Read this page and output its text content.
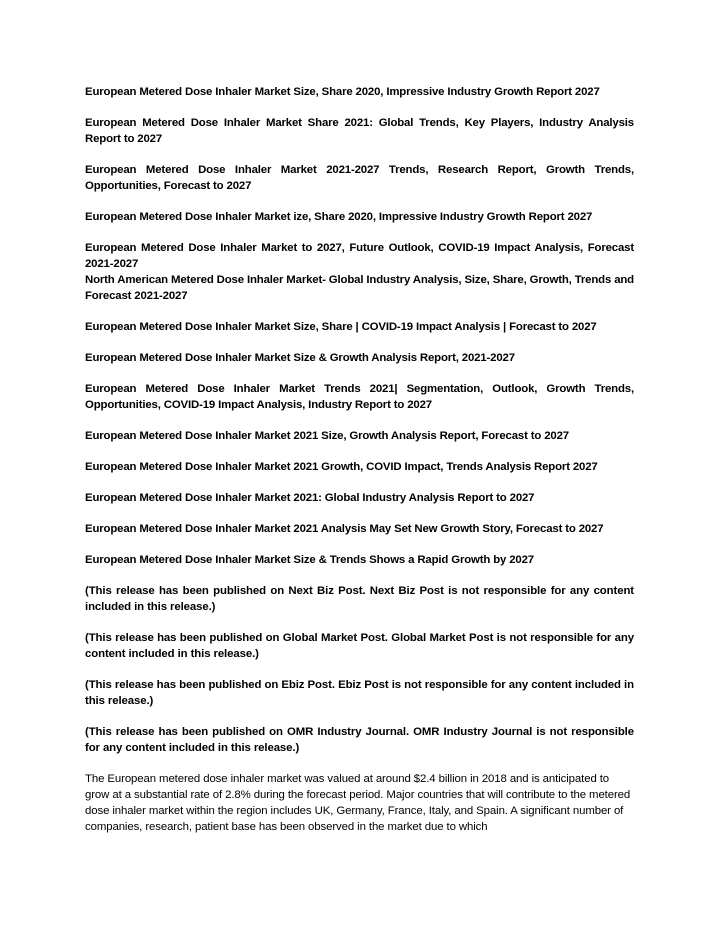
European Metered Dose Inhaler Market Size, Share 2020, Impressive Industry Growth Report 2027

European Metered Dose Inhaler Market Share 2021: Global Trends, Key Players, Industry Analysis Report to 2027

European Metered Dose Inhaler Market 2021-2027 Trends, Research Report, Growth Trends, Opportunities, Forecast to 2027

European Metered Dose Inhaler Market ize, Share 2020, Impressive Industry Growth Report 2027

European Metered Dose Inhaler Market to 2027, Future Outlook, COVID-19 Impact Analysis, Forecast 2021-2027

North American Metered Dose Inhaler Market- Global Industry Analysis, Size, Share, Growth, Trends and Forecast 2021-2027

European Metered Dose Inhaler Market Size, Share | COVID-19 Impact Analysis | Forecast to 2027

European Metered Dose Inhaler Market Size & Growth Analysis Report, 2021-2027

European Metered Dose Inhaler Market Trends 2021| Segmentation, Outlook, Growth Trends, Opportunities, COVID-19 Impact Analysis, Industry Report to 2027

European Metered Dose Inhaler Market 2021 Size, Growth Analysis Report, Forecast to 2027

European Metered Dose Inhaler Market 2021 Growth, COVID Impact, Trends Analysis Report 2027

European Metered Dose Inhaler Market 2021: Global Industry Analysis Report to 2027

European Metered Dose Inhaler Market 2021 Analysis May Set New Growth Story, Forecast to 2027

European Metered Dose Inhaler Market Size & Trends Shows a Rapid Growth by 2027

(This release has been published on Next Biz Post. Next Biz Post is not responsible for any content included in this release.)

(This release has been published on Global Market Post. Global Market Post is not responsible for any content included in this release.)

(This release has been published on Ebiz Post. Ebiz Post is not responsible for any content included in this release.)

(This release has been published on OMR Industry Journal. OMR Industry Journal is not responsible for any content included in this release.)

The European metered dose inhaler market was valued at around $2.4 billion in 2018 and is anticipated to grow at a substantial rate of 2.8% during the forecast period. Major countries that will contribute to the metered dose inhaler market within the region includes UK, Germany, France, Italy, and Spain. A significant number of companies, research, patient base has been observed in the market due to which
